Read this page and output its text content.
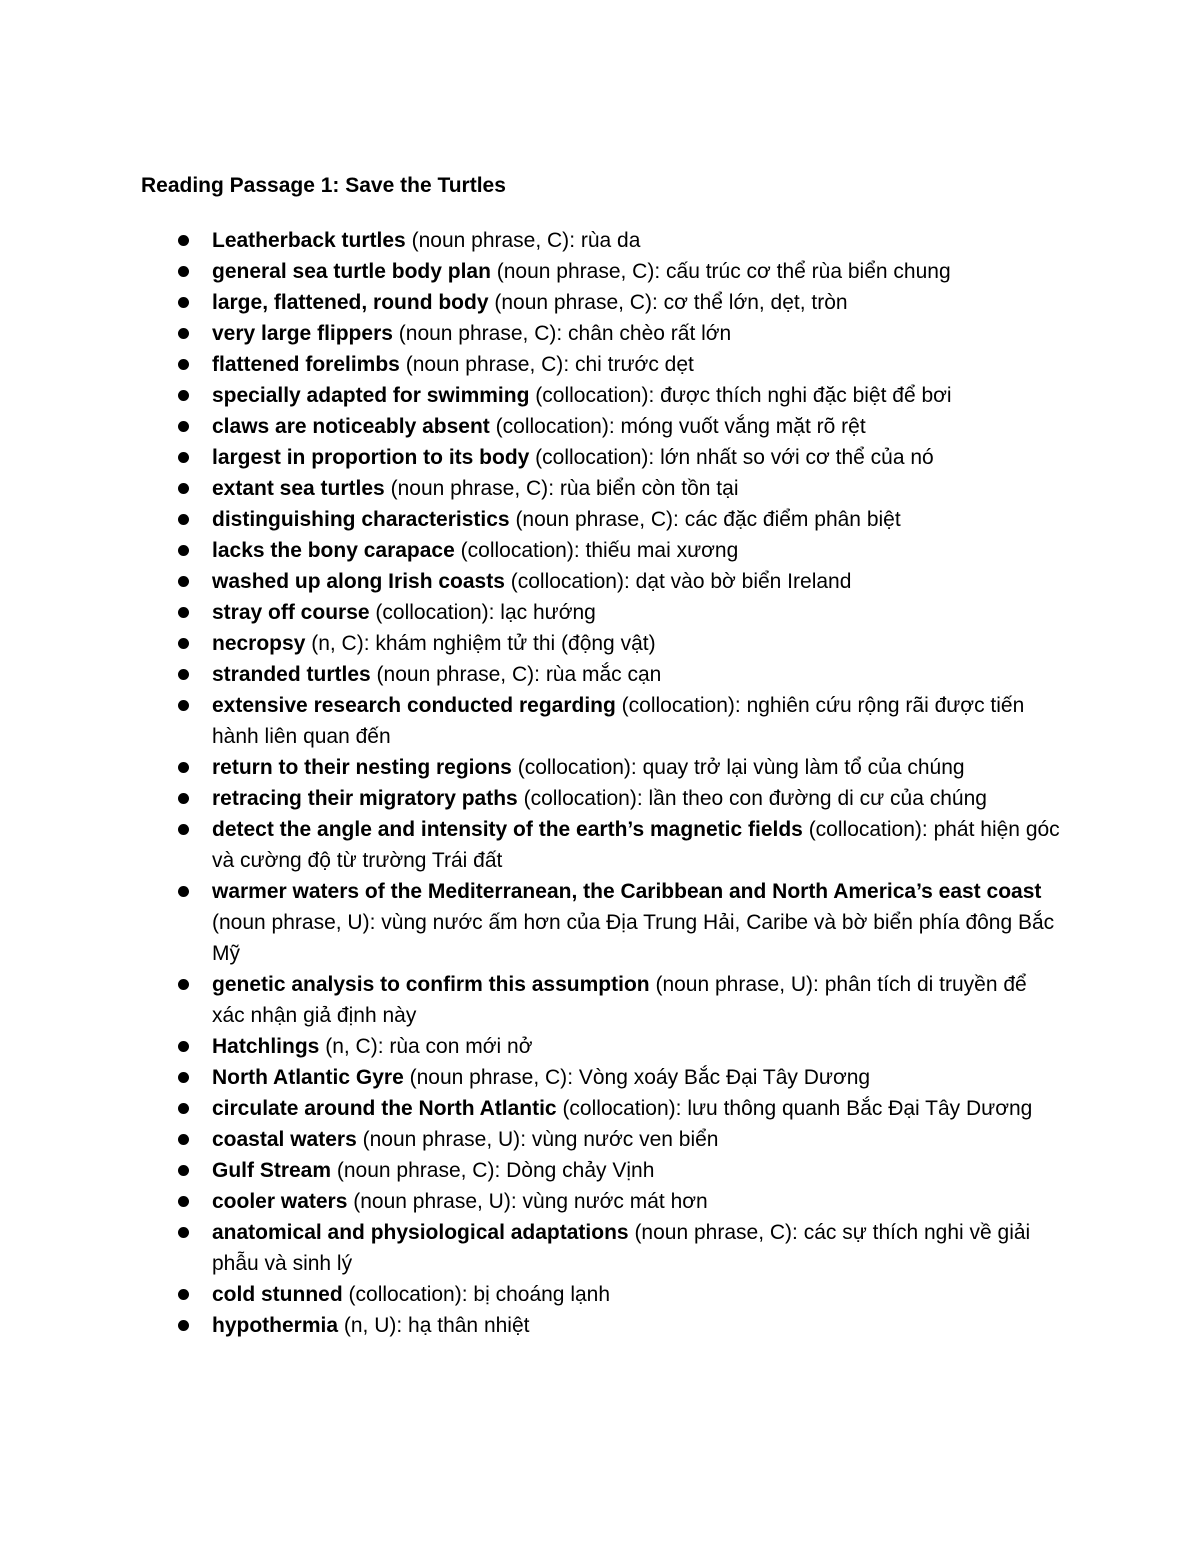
Reading Passage 1: Save the Turtles
Leatherback turtles (noun phrase, C): rùa da
general sea turtle body plan (noun phrase, C): cấu trúc cơ thể rùa biển chung
large, flattened, round body (noun phrase, C): cơ thể lớn, dẹt, tròn
very large flippers (noun phrase, C): chân chèo rất lớn
flattened forelimbs (noun phrase, C): chi trước dẹt
specially adapted for swimming (collocation): được thích nghi đặc biệt để bơi
claws are noticeably absent (collocation): móng vuốt vắng mặt rõ rệt
largest in proportion to its body (collocation): lớn nhất so với cơ thể của nó
extant sea turtles (noun phrase, C): rùa biển còn tồn tại
distinguishing characteristics (noun phrase, C): các đặc điểm phân biệt
lacks the bony carapace (collocation): thiếu mai xương
washed up along Irish coasts (collocation): dạt vào bờ biển Ireland
stray off course (collocation): lạc hướng
necropsy (n, C): khám nghiệm tử thi (động vật)
stranded turtles (noun phrase, C): rùa mắc cạn
extensive research conducted regarding (collocation): nghiên cứu rộng rãi được tiến hành liên quan đến
return to their nesting regions (collocation): quay trở lại vùng làm tổ của chúng
retracing their migratory paths (collocation): lần theo con đường di cư của chúng
detect the angle and intensity of the earth’s magnetic fields (collocation): phát hiện góc và cường độ từ trường Trái đất
warmer waters of the Mediterranean, the Caribbean and North America’s east coast (noun phrase, U): vùng nước ấm hơn của Địa Trung Hải, Caribe và bờ biển phía đông Bắc Mỹ
genetic analysis to confirm this assumption (noun phrase, U): phân tích di truyền để xác nhận giả định này
Hatchlings (n, C): rùa con mới nở
North Atlantic Gyre (noun phrase, C): Vòng xoáy Bắc Đại Tây Dương
circulate around the North Atlantic (collocation): lưu thông quanh Bắc Đại Tây Dương
coastal waters (noun phrase, U): vùng nước ven biển
Gulf Stream (noun phrase, C): Dòng chảy Vịnh
cooler waters (noun phrase, U): vùng nước mát hơn
anatomical and physiological adaptations (noun phrase, C): các sự thích nghi về giải phẫu và sinh lý
cold stunned (collocation): bị choáng lạnh
hypothermia (n, U): hạ thân nhiệt
